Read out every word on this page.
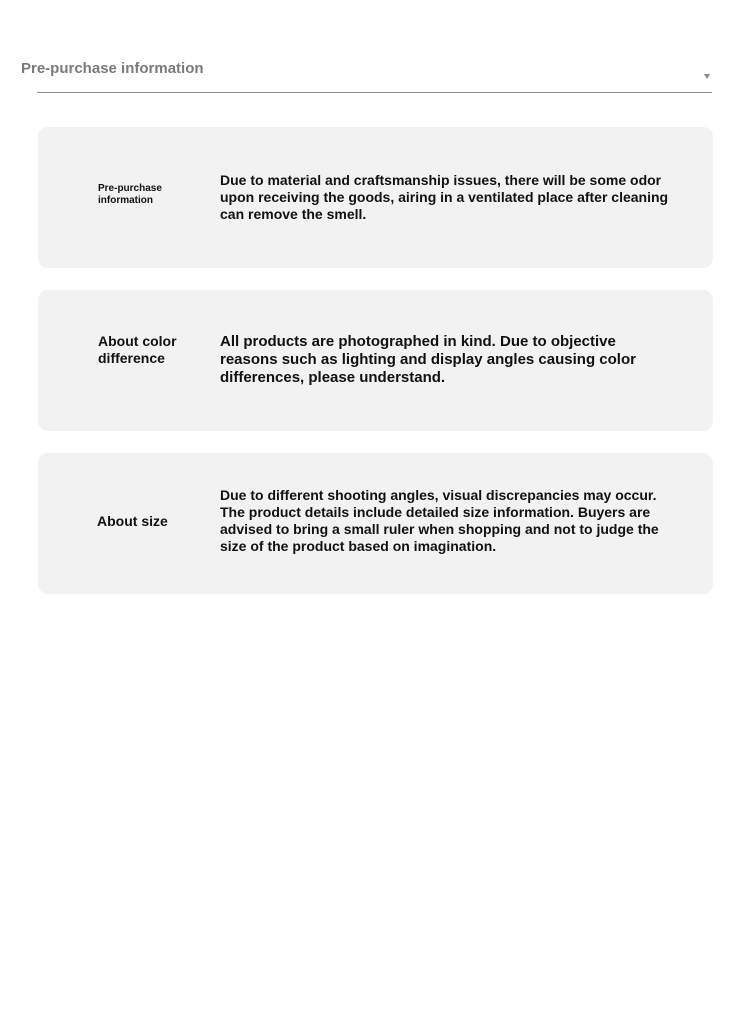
Pre-purchase information
Pre-purchase information
Due to material and craftsmanship issues, there will be some odor upon receiving the goods, airing in a ventilated place after cleaning can remove the smell.
About color difference
All products are photographed in kind. Due to objective reasons such as lighting and display angles causing color differences, please understand.
About size
Due to different shooting angles, visual discrepancies may occur. The product details include detailed size information. Buyers are advised to bring a small ruler when shopping and not to judge the size of the product based on imagination.
